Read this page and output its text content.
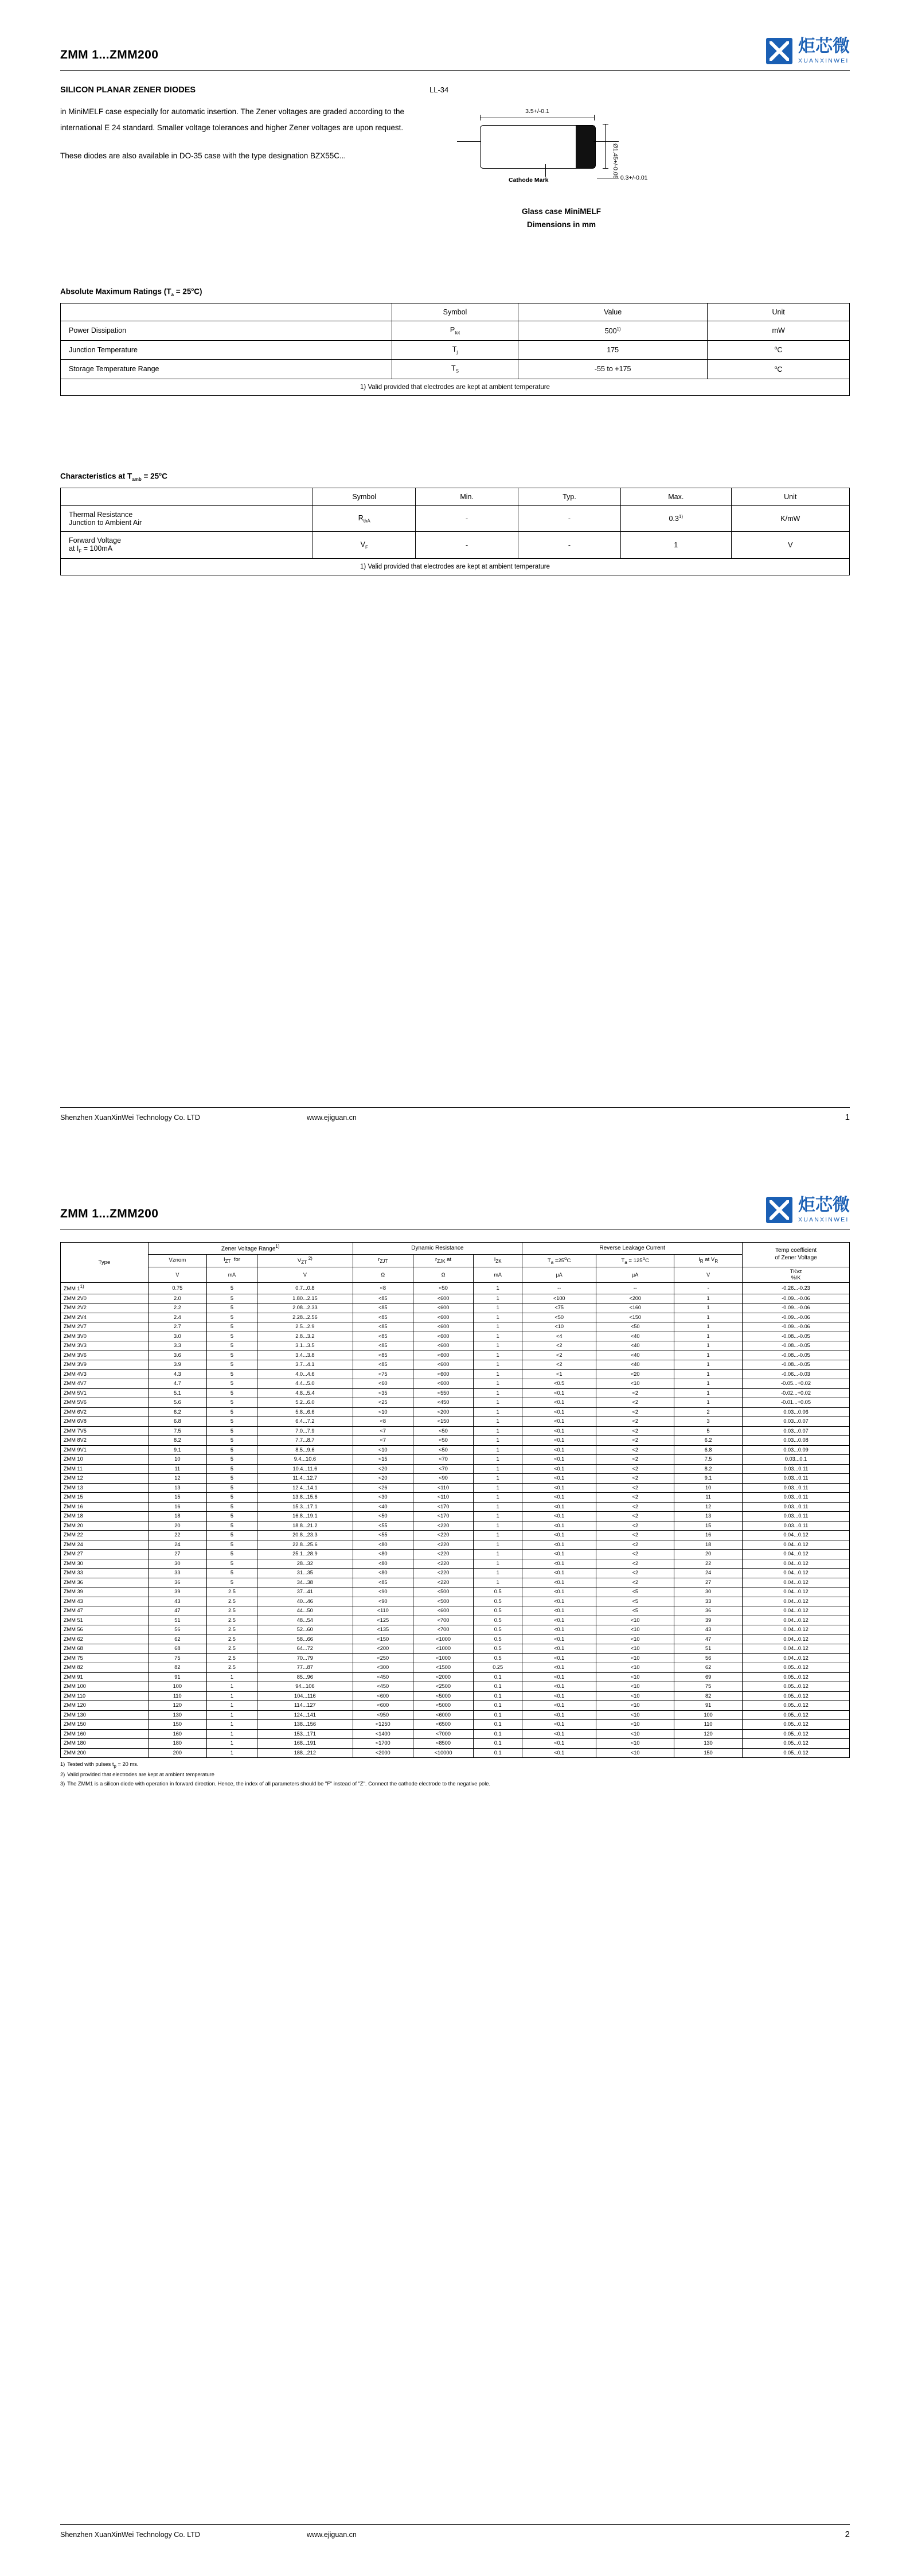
ZMM 1...ZMM200	炬芯微
XUANXINWEI
SILICON PLANAR ZENER DIODES

in MiniMELF case especially for automatic insertion. The Zener voltages are graded according to the international E 24 standard. Smaller voltage tolerances and higher Zener voltages are upon request.

These diodes are also available in DO-35 case with the type designation BZX55C...

LL-34
3.5+/-0.1
Ø1.45+/-0.05 0.3+/-0.01
Cathode Mark
Glass case MiniMELF
Dimensions in mm
Absolute Maximum Ratings $(T_a = 25^oC)$
	Symbol	Value	Unit
Power Dissipation	$P_{tot}$	500$^{1)}$	mW
Junction Temperature	$T_j$	175	$^o$C
Storage Temperature Range	$T_S$	-55 to +175	$^o$C
1) Valid provided that electrodes are kept at ambient temperature			
Characteristics at $T_{amb} = 25^oC$
	Symbol	Min.	Typ.	Max.	Unit

Thermal Resistance
Junction to Ambient Air	$R_{thA}$	-	-	0.3$^{1)}$	K/mW

Forward Voltage
at $I_F = 100mA$	$V_F$	-	-	1	V
1) Valid provided that electrodes are kept at ambient temperature					
Shenzhen XuanXinWei Technology Co. LTD	www.ejiguan.cn	1
ZMM 1...ZMM200	炬芯微
XUANXINWEI
Type	Zener Voltage Range$^{1)}$			Dynamic Resistance			Reverse Leakage Current			Temp coefficient
of Zener Voltage
	Vznom	$I_{ZT}$  for	$V_{ZT}$ $^{2)}$	$r_{ZJT}$	$r_{ZJK}$ at	$I_{ZK}$	$T_a =25^oC$	$T_a = 125^oC$	$I_R$ at $V_R$
	V	mA	V	Ω	Ω	mA	µA	µA	V	TKvz
%/K
ZMM 1$^{1)}$	0.75	5	0.7...0.8	<8	<50	1	--	--	-	-0.26...-0.23
ZMM 2V0	2.0	5	1.80...2.15	<85	<600	1	<100	<200	1	-0.09...-0.06
ZMM 2V2	2.2	5	2.08...2.33	<85	<600	1	<75	<160	1	-0.09...-0.06
ZMM 2V4	2.4	5	2.28...2.56	<85	<600	1	<50	<150	1	-0.09...-0.06
ZMM 2V7	2.7	5	2.5...2.9	<85	<600	1	<10	<50	1	-0.09...-0.06
ZMM 3V0	3.0	5	2.8...3.2	<85	<600	1	<4	<40	1	-0.08...-0.05
ZMM 3V3	3.3	5	3.1...3.5	<85	<600	1	<2	<40	1	-0.08...-0.05
ZMM 3V6	3.6	5	3.4...3.8	<85	<600	1	<2	<40	1	-0.08...-0.05
ZMM 3V9	3.9	5	3.7...4.1	<85	<600	1	<2	<40	1	-0.08...-0.05
ZMM 4V3	4.3	5	4.0...4.6	<75	<600	1	<1	<20	1	-0.06...-0.03
ZMM 4V7	4.7	5	4.4...5.0	<60	<600	1	<0.5	<10	1	-0.05...+0.02
ZMM 5V1	5.1	5	4.8...5.4	<35	<550	1	<0.1	<2	1	-0.02...+0.02
ZMM 5V6	5.6	5	5.2...6.0	<25	<450	1	<0.1	<2	1	-0.01...+0.05
ZMM 6V2	6.2	5	5.8...6.6	<10	<200	1	<0.1	<2	2	0.03...0.06
ZMM 6V8	6.8	5	6.4...7.2	<8	<150	1	<0.1	<2	3	0.03...0.07
ZMM 7V5	7.5	5	7.0...7.9	<7	<50	1	<0.1	<2	5	0.03...0.07
ZMM 8V2	8.2	5	7.7...8.7	<7	<50	1	<0.1	<2	6.2	0.03...0.08
ZMM 9V1	9.1	5	8.5...9.6	<10	<50	1	<0.1	<2	6.8	0.03...0.09
ZMM 10	10	5	9.4...10.6	<15	<70	1	<0.1	<2	7.5	0.03...0.1
ZMM 11	11	5	10.4...11.6	<20	<70	1	<0.1	<2	8.2	0.03...0.11
ZMM 12	12	5	11.4...12.7	<20	<90	1	<0.1	<2	9.1	0.03...0.11
ZMM 13	13	5	12.4...14.1	<26	<110	1	<0.1	<2	10	0.03...0.11
ZMM 15	15	5	13.8...15.6	<30	<110	1	<0.1	<2	11	0.03...0.11
ZMM 16	16	5	15.3...17.1	<40	<170	1	<0.1	<2	12	0.03...0.11
ZMM 18	18	5	16.8...19.1	<50	<170	1	<0.1	<2	13	0.03...0.11
ZMM 20	20	5	18.8...21.2	<55	<220	1	<0.1	<2	15	0.03...0.11
ZMM 22	22	5	20.8...23.3	<55	<220	1	<0.1	<2	16	0.04...0.12
ZMM 24	24	5	22.8...25.6	<80	<220	1	<0.1	<2	18	0.04...0.12
ZMM 27	27	5	25.1...28.9	<80	<220	1	<0.1	<2	20	0.04...0.12
ZMM 30	30	5	28...32	<80	<220	1	<0.1	<2	22	0.04...0.12
ZMM 33	33	5	31...35	<80	<220	1	<0.1	<2	24	0.04...0.12
ZMM 36	36	5	34...38	<85	<220	1	<0.1	<2	27	0.04...0.12
ZMM 39	39	2.5	37...41	<90	<500	0.5	<0.1	<5	30	0.04...0.12
ZMM 43	43	2.5	40...46	<90	<500	0.5	<0.1	<5	33	0.04...0.12
ZMM 47	47	2.5	44...50	<110	<600	0.5	<0.1	<5	36	0.04...0.12
ZMM 51	51	2.5	48...54	<125	<700	0.5	<0.1	<10	39	0.04...0.12
ZMM 56	56	2.5	52...60	<135	<700	0.5	<0.1	<10	43	0.04...0.12
ZMM 62	62	2.5	58...66	<150	<1000	0.5	<0.1	<10	47	0.04...0.12
ZMM 68	68	2.5	64...72	<200	<1000	0.5	<0.1	<10	51	0.04...0.12
ZMM 75	75	2.5	70...79	<250	<1000	0.5	<0.1	<10	56	0.04...0.12
ZMM 82	82	2.5	77...87	<300	<1500	0.25	<0.1	<10	62	0.05...0.12
ZMM 91	91	1	85...96	<450	<2000	0.1	<0.1	<10	69	0.05...0.12
ZMM 100	100	1	94...106	<450	<2500	0.1	<0.1	<10	75	0.05...0.12
ZMM 110	110	1	104...116	<600	<5000	0.1	<0.1	<10	82	0.05...0.12
ZMM 120	120	1	114...127	<600	<5000	0.1	<0.1	<10	91	0.05...0.12
ZMM 130	130	1	124...141	<950	<6000	0.1	<0.1	<10	100	0.05...0.12
ZMM 150	150	1	138...156	<1250	<6500	0.1	<0.1	<10	110	0.05...0.12
ZMM 160	160	1	153...171	<1400	<7000	0.1	<0.1	<10	120	0.05...0.12
ZMM 180	180	1	168...191	<1700	<8500	0.1	<0.1	<10	130	0.05...0.12
ZMM 200	200	1	188...212	<2000	<10000	0.1	<0.1	<10	150	0.05...0.12
1)	Tested with pulses $t_p = 20$ ms.
2)	Valid provided that electrodes are kept at ambient temperature
3)	The ZMM1 is a silicon diode with operation in forward direction. Hence, the index of all parameters should be "F" instead of "Z". Connect the cathode electrode to the negative pole.
Shenzhen XuanXinWei Technology Co. LTD	www.ejiguan.cn	2
